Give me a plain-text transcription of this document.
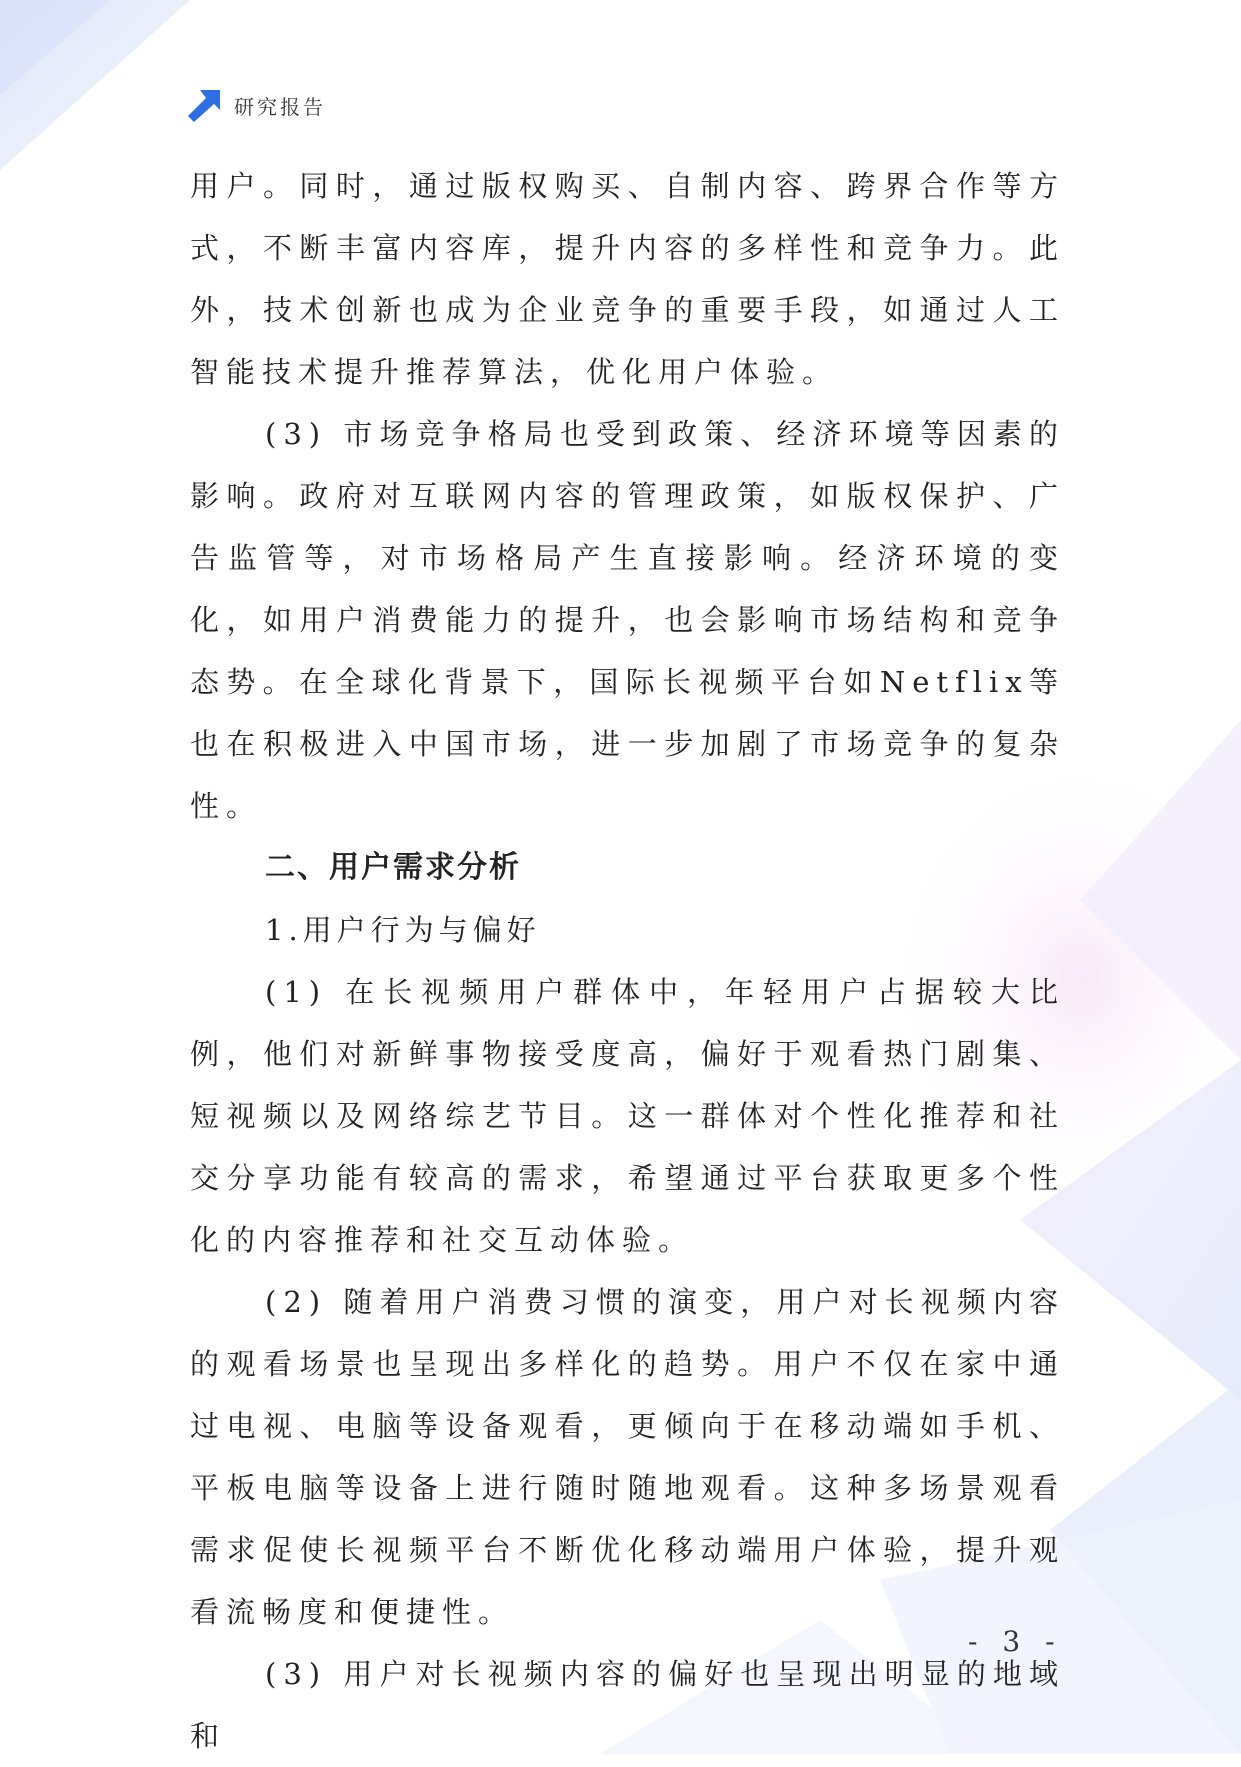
研究报告

用户。同时，通过版权购买、自制内容、跨界合作等方式，不断丰富内容库，提升内容的多样性和竞争力。此外，技术创新也成为企业竞争的重要手段，如通过人工智能技术提升推荐算法，优化用户体验。

(3) 市场竞争格局也受到政策、经济环境等因素的影响。政府对互联网内容的管理政策，如版权保护、广告监管等，对市场格局产生直接影响。经济环境的变化，如用户消费能力的提升，也会影响市场结构和竞争态势。在全球化背景下，国际长视频平台如Netflix等也在积极进入中国市场，进一步加剧了市场竞争的复杂性。

二、用户需求分析
1.用户行为与偏好

(1) 在长视频用户群体中，年轻用户占据较大比例，他们对新鲜事物接受度高，偏好于观看热门剧集、短视频以及网络综艺节目。这一群体对个性化推荐和社交分享功能有较高的需求，希望通过平台获取更多个性化的内容推荐和社交互动体验。

(2) 随着用户消费习惯的演变，用户对长视频内容的观看场景也呈现出多样化的趋势。用户不仅在家中通过电视、电脑等设备观看，更倾向于在移动端如手机、平板电脑等设备上进行随时随地观看。这种多场景观看需求促使长视频平台不断优化移动端用户体验，提升观看流畅度和便捷性。

(3) 用户对长视频内容的偏好也呈现出明显的地域和

- 3 -
